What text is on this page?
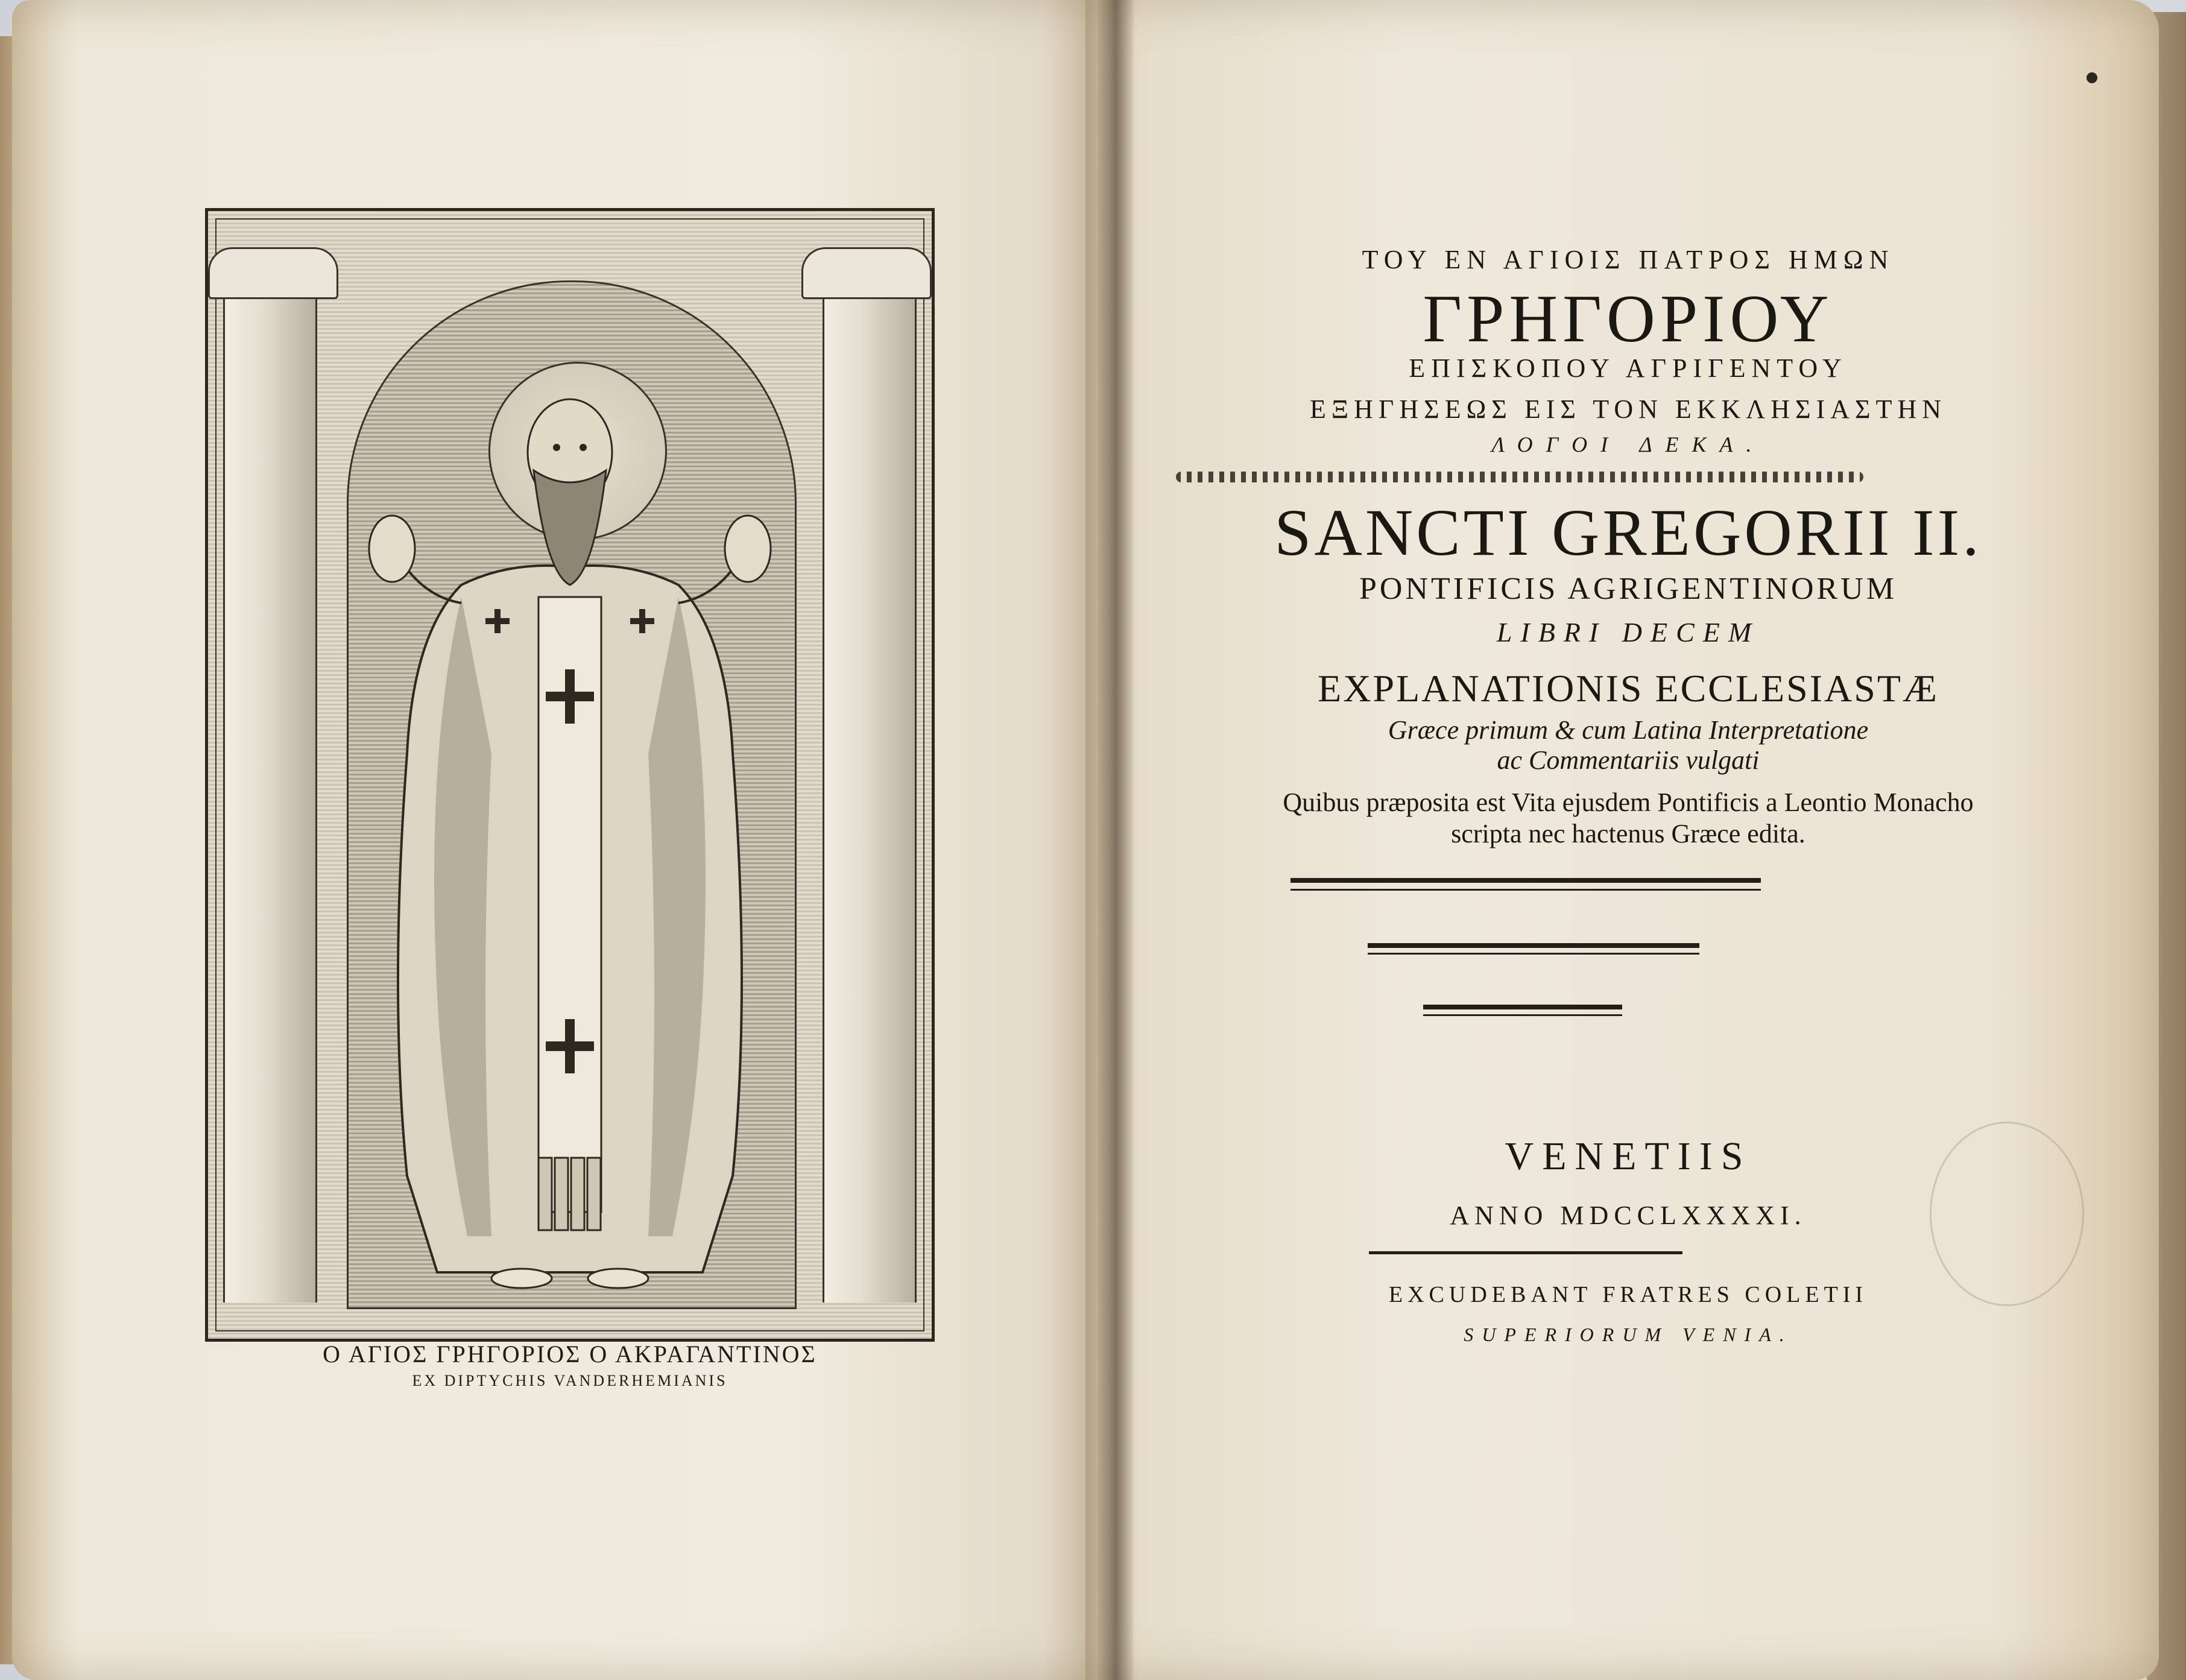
Ο ΑΓΙΟΣ ΓΡΗΓΟΡΙΟΣ Ο ΑΚΡΑΓΑΝΤΙΝΟΣ
EX DIPTYCHIS VANDERHEMIANIS
ΤΟΥ ΕΝ ΑΓΙΟΙΣ ΠΑΤΡΟΣ ΗΜΩΝ
ΓΡΗΓΟΡΙΟΥ
ΕΠΙΣΚΟΠΟΥ ΑΓΡΙΓΕΝΤΟΥ
ΕΞΗΓΗΣΕΩΣ ΕΙΣ ΤΟΝ ΕΚΚΛΗΣΙΑΣΤΗΝ
ΛΟΓΟΙ ΔΕΚΑ.
SANCTI GREGORII II.
PONTIFICIS AGRIGENTINORUM
LIBRI DECEM
EXPLANATIONIS ECCLESIASTÆ
Græce primum & cum Latina Interpretatione
ac Commentariis vulgati
Quibus præposita est Vita ejusdem Pontificis a Leontio Monacho
scripta nec hactenus Græce edita.
VENETIIS
ANNO MDCCLXXXXI.
EXCUDEBANT FRATRES COLETII
SUPERIORUM VENIA.
